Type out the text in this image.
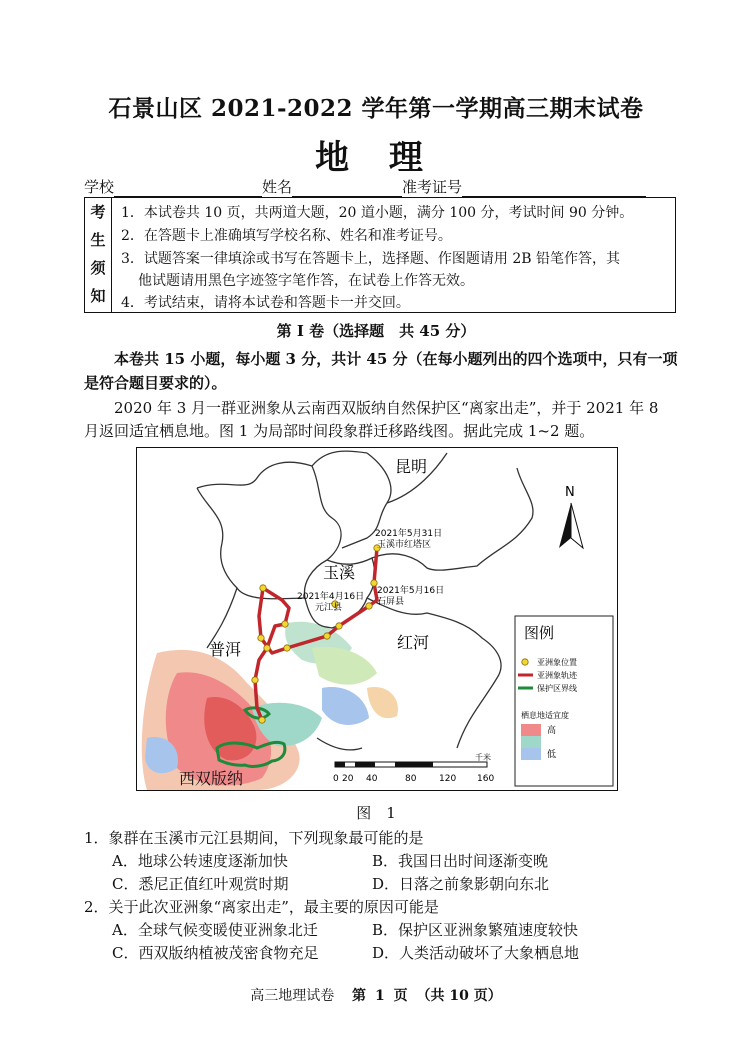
石景山区 2021-2022 学年第一学期高三期末试卷
地 理
学校	姓名	准考证号
考
生
须
知
1．本试卷共 10 页，共两道大题，20 道小题，满分 100 分，考试时间 90 分钟。
2．在答题卡上准确填写学校名称、姓名和准考证号。
3．试题答案一律填涂或书写在答题卡上，选择题、作图题请用 2B 铅笔作答，其
他试题请用黑色字迹签字笔作答，在试卷上作答无效。
4．考试结束，请将本试卷和答题卡一并交回。
第 Ⅰ 卷（选择题　共 45 分）
本卷共 15 小题，每小题 3 分，共计 45 分（在每小题列出的四个选项中，只有一项
是符合题目要求的）。
2020 年 3 月一群亚洲象从云南西双版纳自然保护区“离家出走”，并于 2021 年 8
月返回适宜栖息地。图 1 为局部时间段象群迁移路线图。据此完成 1~2 题。
昆明
玉溪
普洱	红河
西双版纳
2021年5月31日
玉溪市红塔区
2021年4月16日
元江县
2021年5月16日
石屏县
N
图例
亚洲象位置
亚洲象轨迹
保护区界线
栖息地适宜度
高
低
千米
0 20 40	80	120 160
图　1
1．象群在玉溪市元江县期间，下列现象最可能的是
A．地球公转速度逐渐加快	B．我国日出时间逐渐变晚
C．悉尼正值红叶观赏时期	D．日落之前象影朝向东北
2．关于此次亚洲象“离家出走”，最主要的原因可能是
A．全球气候变暖使亚洲象北迁	B．保护区亚洲象繁殖速度较快
C．西双版纳植被茂密食物充足	D．人类活动破坏了大象栖息地
高三地理试卷 第 1 页 （共 10 页）
